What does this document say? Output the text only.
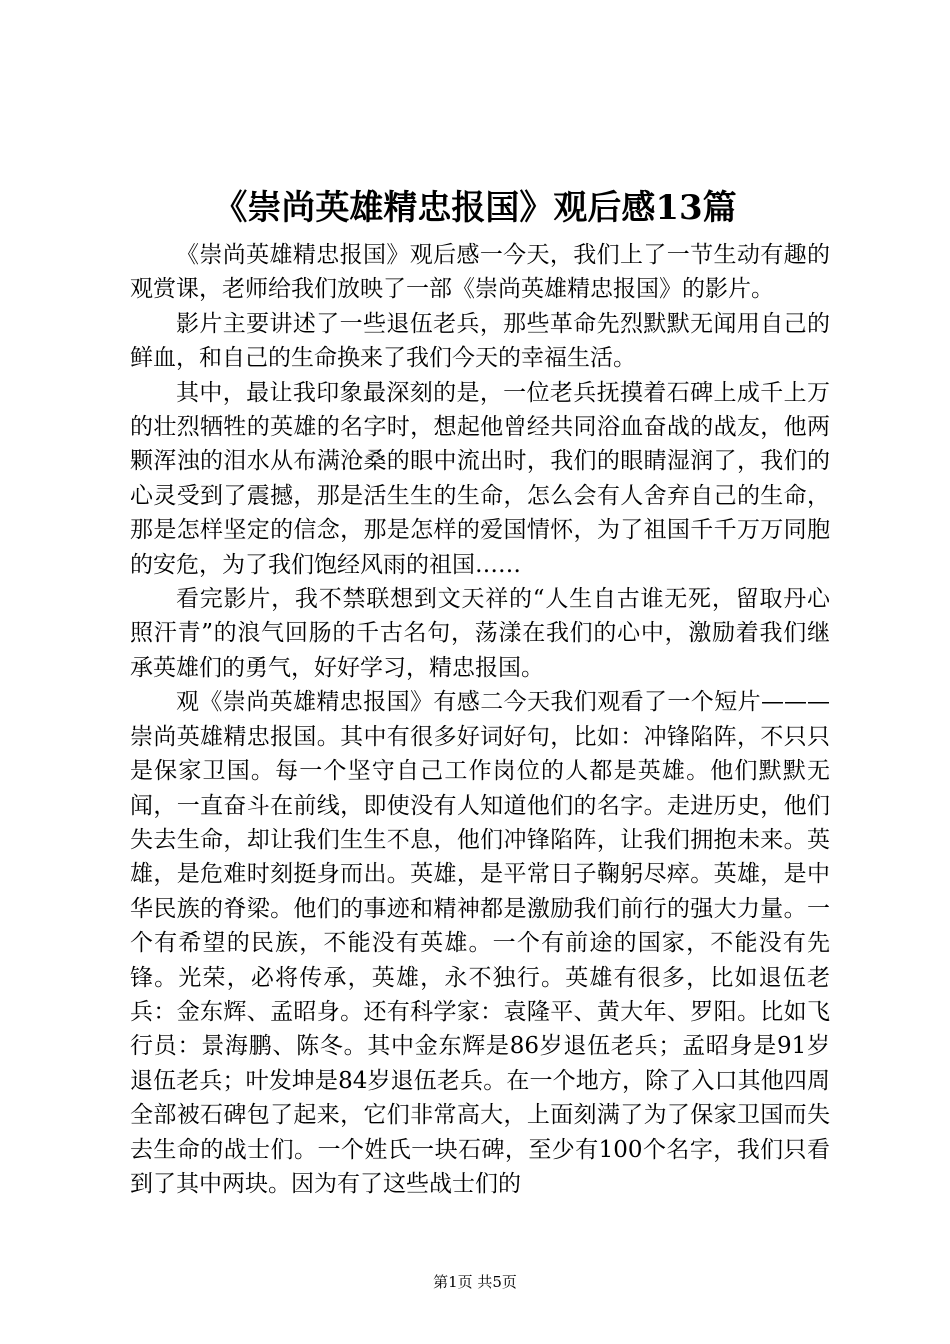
《崇尚英雄精忠报国》观后感13篇

《崇尚英雄精忠报国》观后感一今天，我们上了一节生动有趣的观赏课，老师给我们放映了一部《崇尚英雄精忠报国》的影片。

影片主要讲述了一些退伍老兵，那些革命先烈默默无闻用自己的鲜血，和自己的生命换来了我们今天的幸福生活。

其中，最让我印象最深刻的是，一位老兵抚摸着石碑上成千上万的壮烈牺牲的英雄的名字时，想起他曾经共同浴血奋战的战友，他两颗浑浊的泪水从布满沧桑的眼中流出时，我们的眼睛湿润了，我们的心灵受到了震撼，那是活生生的生命，怎么会有人舍弃自己的生命，那是怎样坚定的信念，那是怎样的爱国情怀，为了祖国千千万万同胞的安危，为了我们饱经风雨的祖国……

看完影片，我不禁联想到文天祥的“人生自古谁无死，留取丹心照汗青”的浪气回肠的千古名句，荡漾在我们的心中，激励着我们继承英雄们的勇气，好好学习，精忠报国。

观《崇尚英雄精忠报国》有感二今天我们观看了一个短片———崇尚英雄精忠报国。其中有很多好词好句，比如：冲锋陷阵，不只只是保家卫国。每一个坚守自己工作岗位的人都是英雄。他们默默无闻，一直奋斗在前线，即使没有人知道他们的名字。走进历史，他们失去生命，却让我们生生不息，他们冲锋陷阵，让我们拥抱未来。英雄，是危难时刻挺身而出。英雄，是平常日子鞠躬尽瘁。英雄，是中华民族的脊梁。他们的事迹和精神都是激励我们前行的强大力量。一个有希望的民族，不能没有英雄。一个有前途的国家，不能没有先锋。光荣，必将传承，英雄，永不独行。英雄有很多，比如退伍老兵：金东辉、孟昭身。还有科学家：袁隆平、黄大年、罗阳。比如飞行员：景海鹏、陈冬。其中金东辉是86岁退伍老兵；孟昭身是91岁退伍老兵；叶发坤是84岁退伍老兵。在一个地方，除了入口其他四周全部被石碑包了起来，它们非常高大，上面刻满了为了保家卫国而失去生命的战士们。一个姓氏一块石碑，至少有100个名字，我们只看到了其中两块。因为有了这些战士们的

第1页 共5页
